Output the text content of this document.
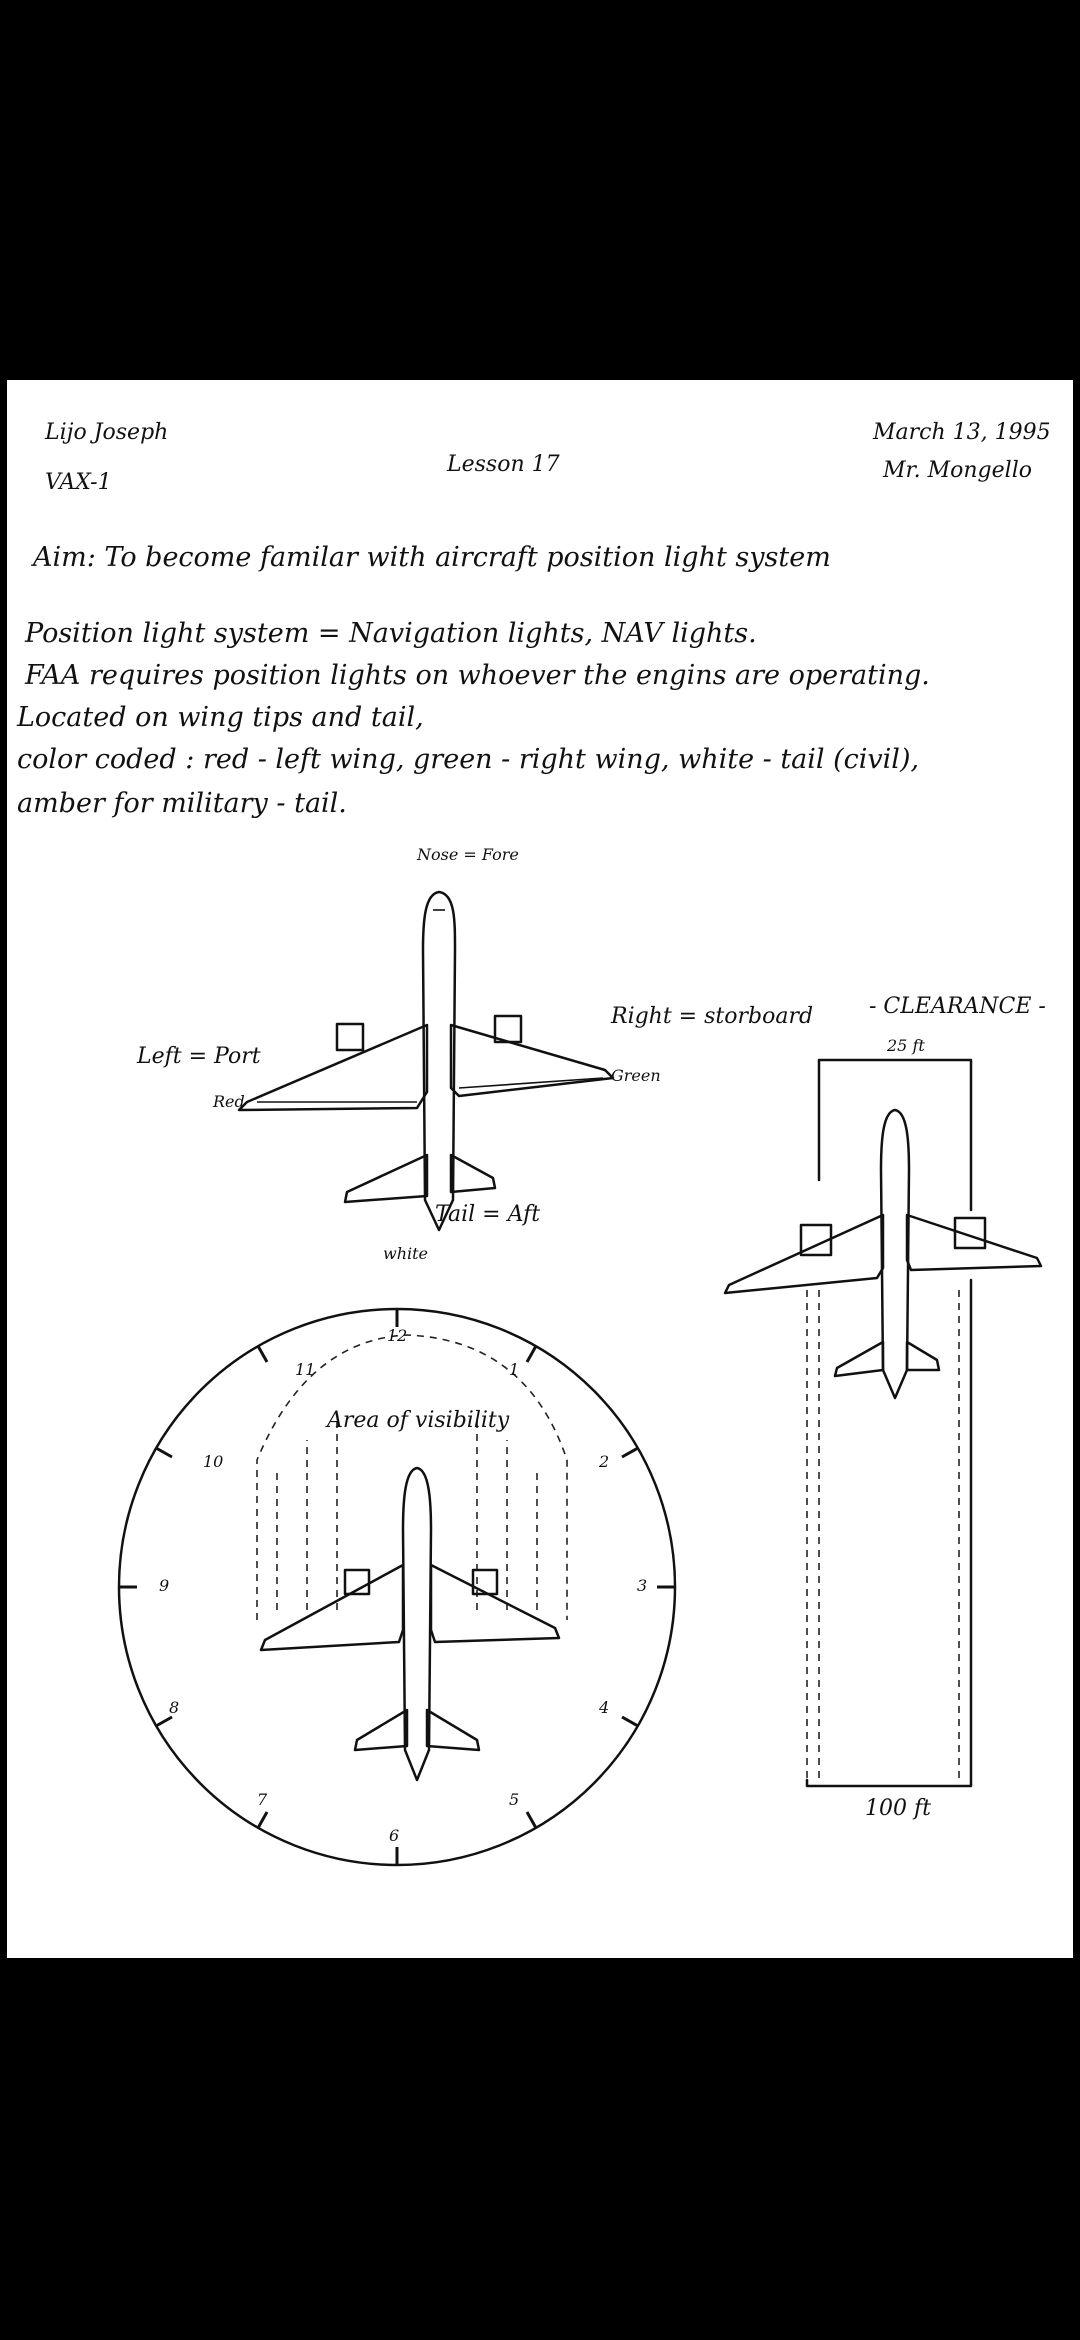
Lijo Joseph
VAX-1
Lesson 17
March 13, 1995
Mr. Mongello
Aim: To become familar with aircraft position light system
Position light system = Navigation lights, NAV lights.
FAA requires position lights on whoever the engins are operating.
Located on wing tips and tail,
color coded : red - left wing, green - right wing, white - tail (civil),
amber for military - tail.
Nose = Fore
Left = Port
Right = storboard
Red
Green
Tail = Aft
white
- CLEARANCE -
25 ft
100 ft
Area of visibility
12
1
2
3
4
5
6
7
8
9
10
11
